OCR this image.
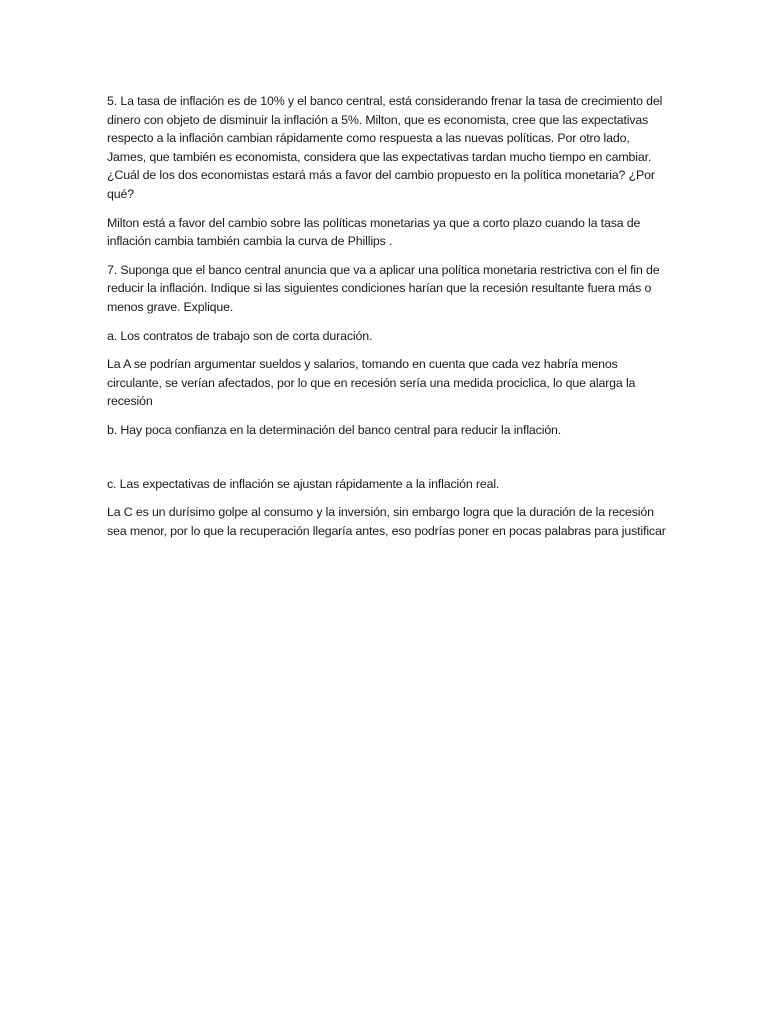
5. La tasa de inflación es de 10% y el banco central, está considerando frenar la tasa de crecimiento del dinero con objeto de disminuir la inflación a 5%. Milton, que es economista, cree que las expectativas respecto a la inflación cambian rápidamente como respuesta a las nuevas políticas. Por otro lado, James, que también es economista, considera que las expectativas tardan mucho tiempo en cambiar. ¿Cuál de los dos economistas estará más a favor del cambio propuesto en la política monetaria? ¿Por qué?

Milton está a favor del cambio sobre las políticas monetarias ya que a corto plazo cuando la tasa de inflación cambia también cambia la curva de Phillips .

7. Suponga que el banco central anuncia que va a aplicar una política monetaria restrictiva con el fin de reducir la inflación. Indique si las siguientes condiciones harían que la recesión resultante fuera más o menos grave. Explique.

a. Los contratos de trabajo son de corta duración.

La A se podrían argumentar sueldos y salarios, tomando en cuenta que cada vez habría menos circulante, se verían afectados, por lo que en recesión sería una medida prociclica, lo que alarga la recesión

b. Hay poca confianza en la determinación del banco central para reducir la inflación.

c. Las expectativas de inflación se ajustan rápidamente a la inflación real.

La C es un durísimo golpe al consumo y la inversión, sin embargo logra que la duración de la recesión sea menor, por lo que la recuperación llegaría antes, eso podrías poner en pocas palabras para justificar
